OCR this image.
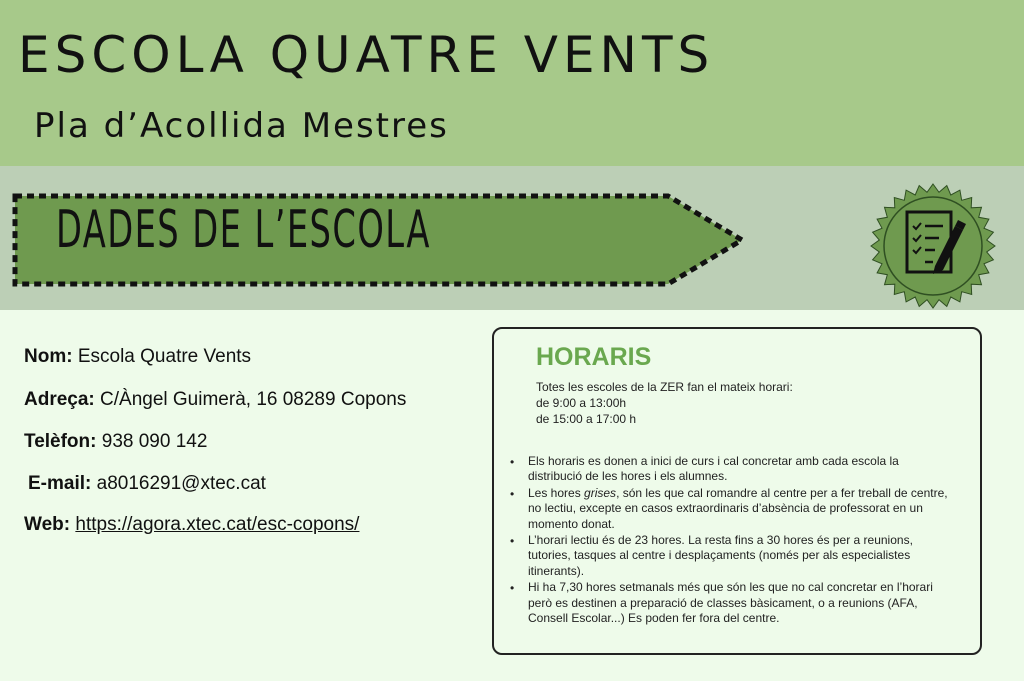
ESCOLA QUATRE VENTS
Pla d’Acollida Mestres
DADES DE L’ESCOLA
Nom: Escola Quatre Vents
Adreça: C/Àngel Guimerà, 16 08289 Copons
Telèfon: 938 090 142
E-mail: a8016291@xtec.cat
Web: https://agora.xtec.cat/esc-copons/
HORARIS
Totes les escoles de la ZER fan el mateix horari:
de 9:00 a 13:00h
de 15:00 a 17:00 h
• Els horaris es donen a inici de curs i cal concretar amb cada escola la distribució de les hores i els alumnes.
• Les hores grises, són les que cal romandre al centre per a fer treball de centre, no lectiu, excepte en casos extraordinaris d’absència de professorat en un momento donat.
• L’horari lectiu és de 23 hores. La resta fins a 30 hores és per a reunions, tutories, tasques al centre i desplaçaments (només per als especialistes itinerants).
• Hi ha 7,30 hores setmanals més que són les que no cal concretar en l’horari però es destinen a preparació de classes bàsicament, o a reunions (AFA, Consell Escolar...) Es poden fer fora del centre.
